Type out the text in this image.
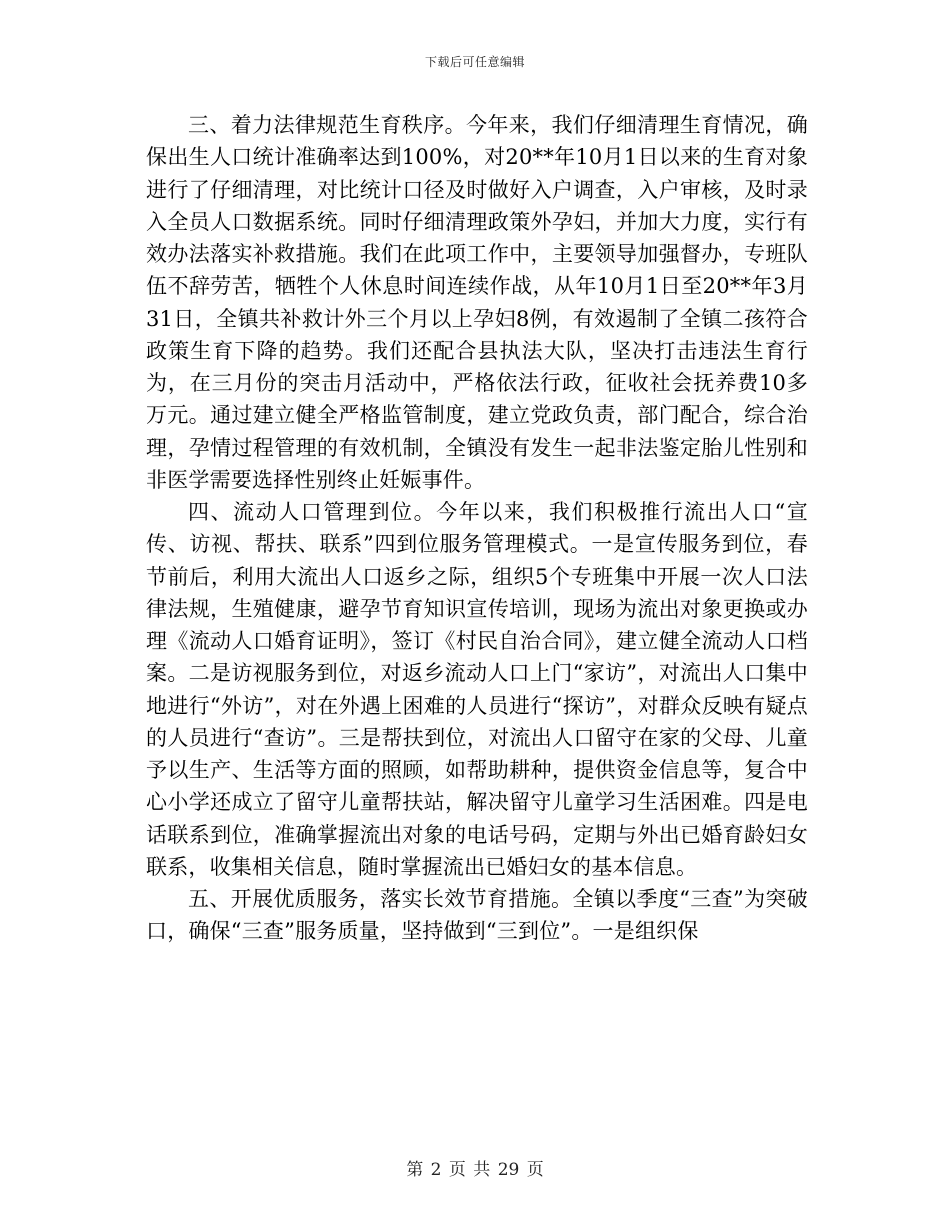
下载后可任意编辑

三、着力法律规范生育秩序。今年来，我们仔细清理生育情况，确保出生人口统计准确率达到100%，对20**年10月1日以来的生育对象进行了仔细清理，对比统计口径及时做好入户调查，入户审核，及时录入全员人口数据系统。同时仔细清理政策外孕妇，并加大力度，实行有效办法落实补救措施。我们在此项工作中，主要领导加强督办，专班队伍不辞劳苦，牺牲个人休息时间连续作战，从年10月1日至20**年3月31日，全镇共补救计外三个月以上孕妇8例，有效遏制了全镇二孩符合政策生育下降的趋势。我们还配合县执法大队，坚决打击违法生育行为，在三月份的突击月活动中，严格依法行政，征收社会抚养费10多万元。通过建立健全严格监管制度，建立党政负责，部门配合，综合治理，孕情过程管理的有效机制，全镇没有发生一起非法鉴定胎儿性别和非医学需要选择性别终止妊娠事件。

四、流动人口管理到位。今年以来，我们积极推行流出人口“宣传、访视、帮扶、联系”四到位服务管理模式。一是宣传服务到位，春节前后，利用大流出人口返乡之际，组织5个专班集中开展一次人口法律法规，生殖健康，避孕节育知识宣传培训，现场为流出对象更换或办理《流动人口婚育证明》，签订《村民自治合同》，建立健全流动人口档案。二是访视服务到位，对返乡流动人口上门“家访”，对流出人口集中地进行“外访”，对在外遇上困难的人员进行“探访”，对群众反映有疑点的人员进行“查访”。三是帮扶到位，对流出人口留守在家的父母、儿童予以生产、生活等方面的照顾，如帮助耕种，提供资金信息等，复合中心小学还成立了留守儿童帮扶站，解决留守儿童学习生活困难。四是电话联系到位，准确掌握流出对象的电话号码，定期与外出已婚育龄妇女联系，收集相关信息，随时掌握流出已婚妇女的基本信息。

五、开展优质服务，落实长效节育措施。全镇以季度“三查”为突破口，确保“三查”服务质量，坚持做到“三到位”。一是组织保

第 2 页 共 29 页
